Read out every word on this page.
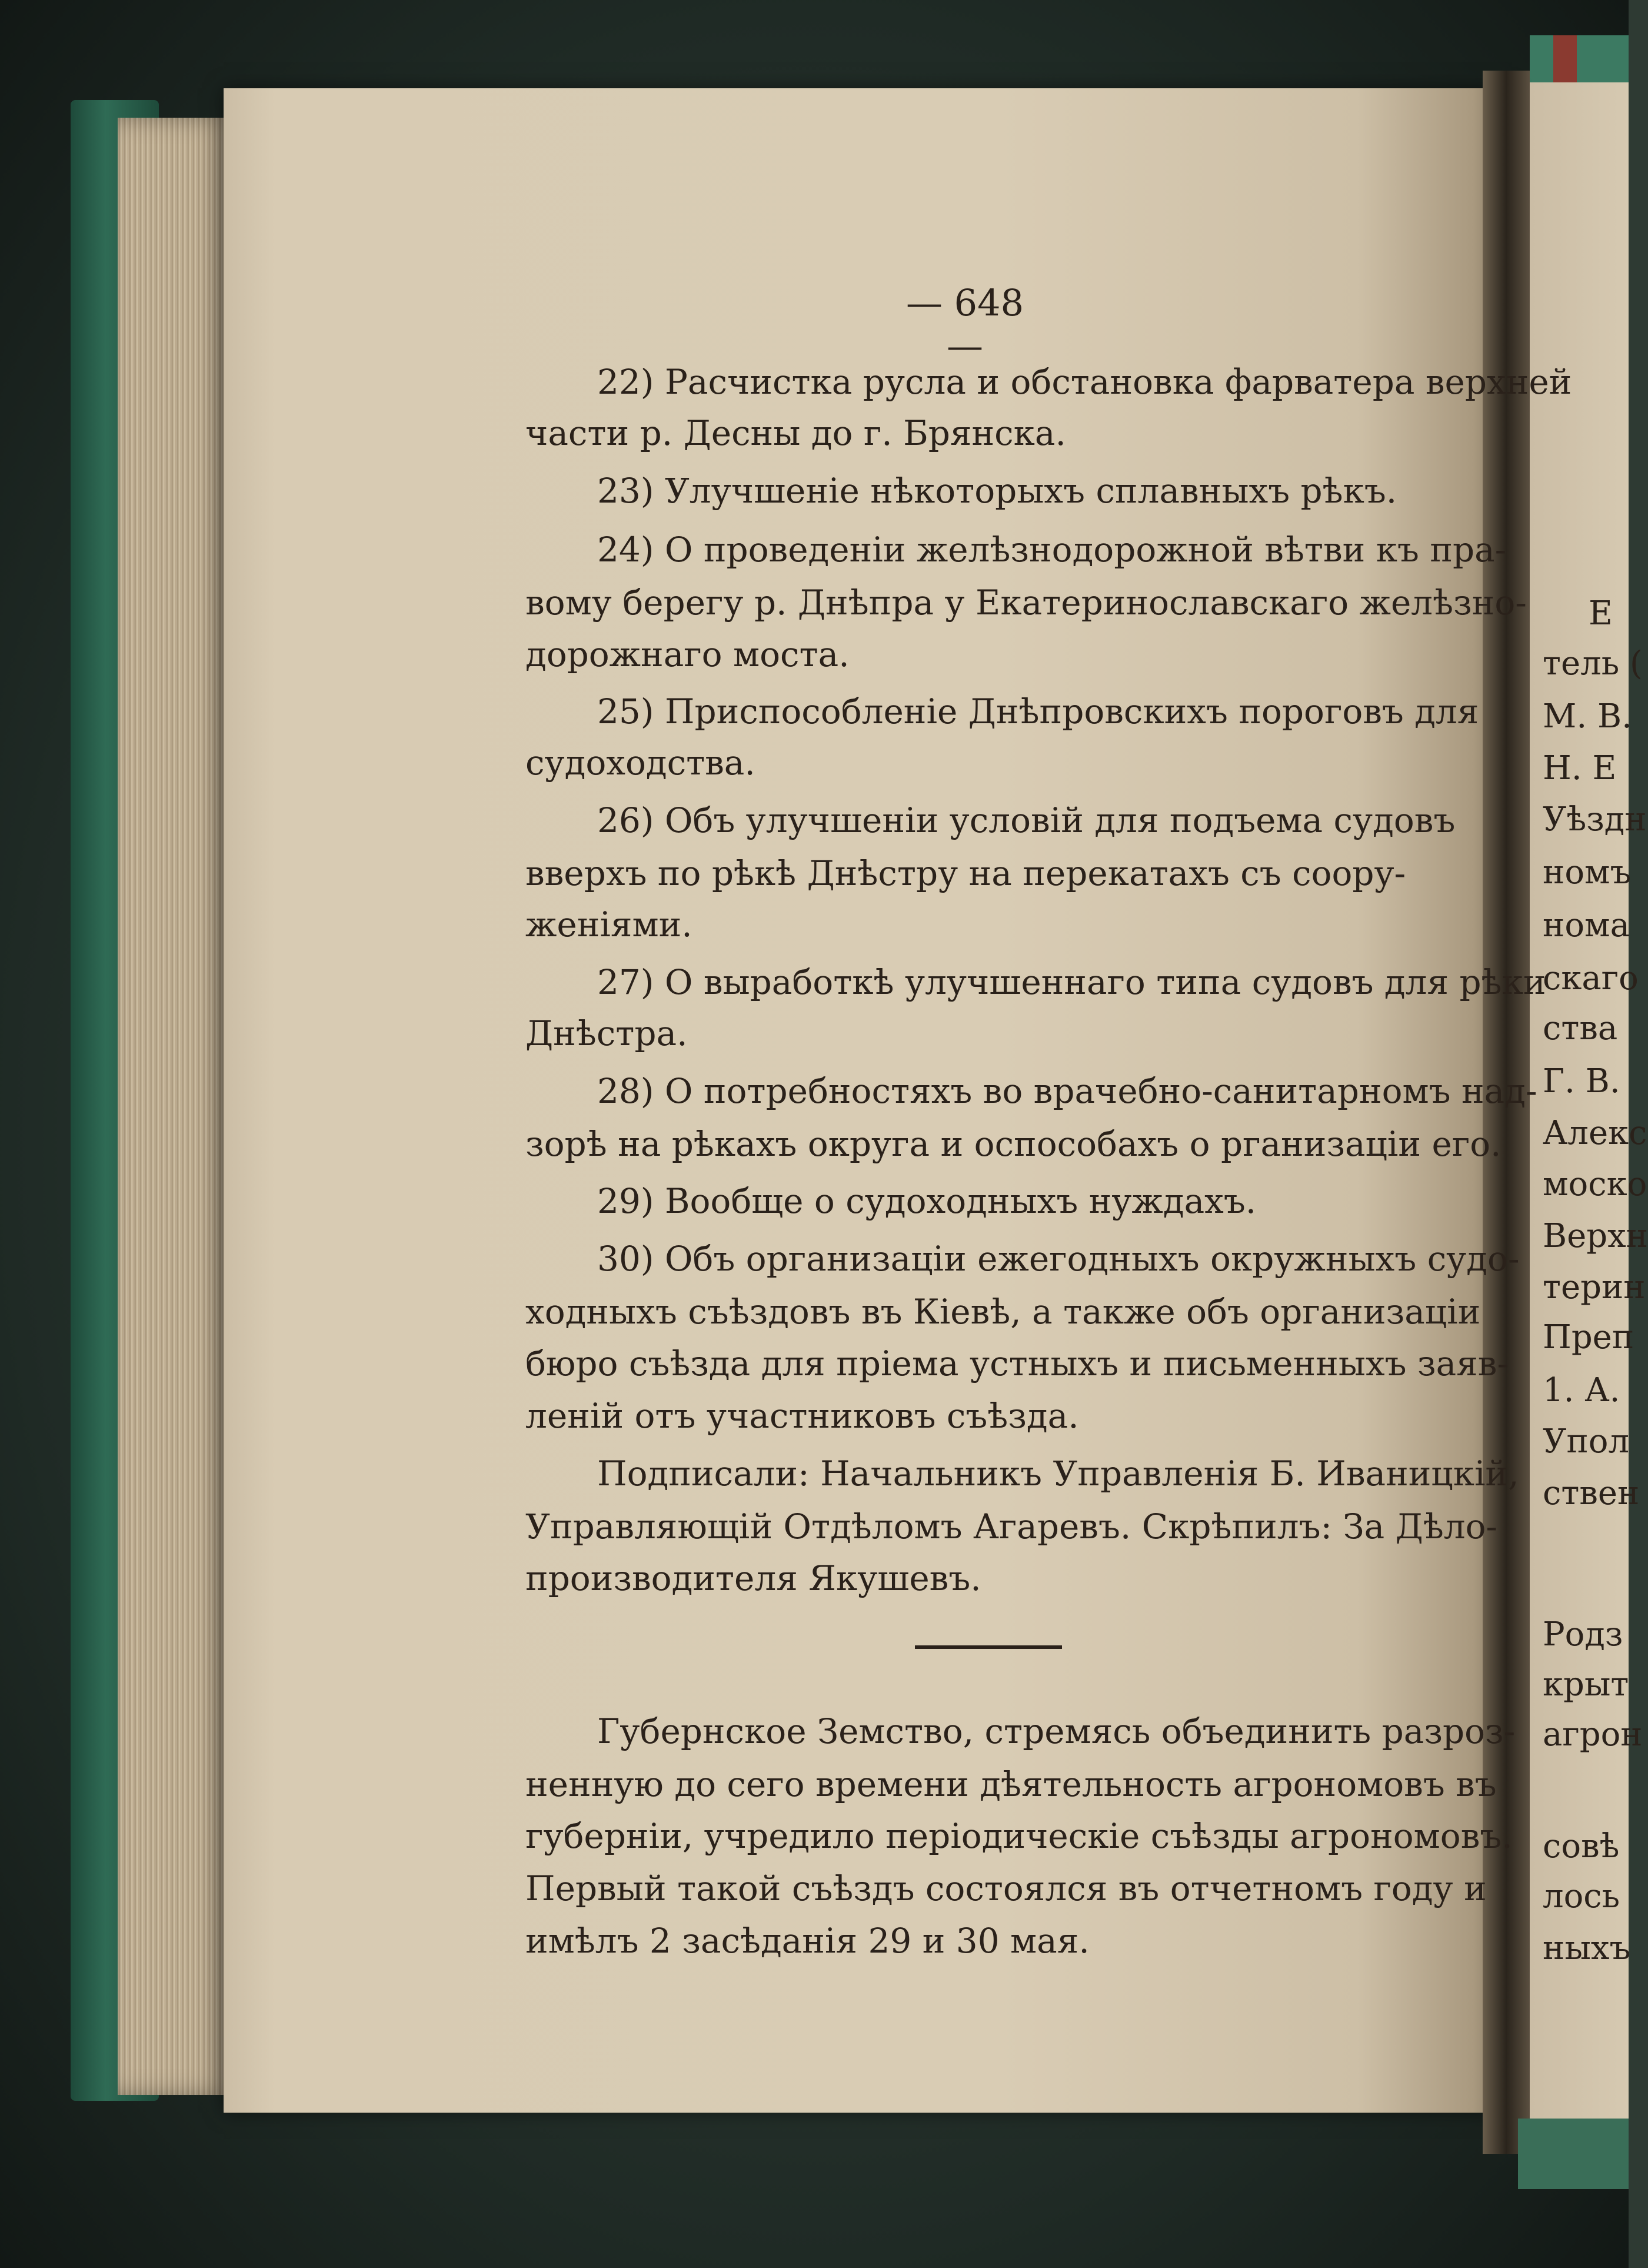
— 648 —
22) Расчистка русла и обстановка фарватера верхней
части р. Десны до г. Брянска.
23) Улучшеніе нѣкоторыхъ сплавныхъ рѣкъ.
24) О проведеніи желѣзнодорожной вѣтви къ пра-
вому берегу р. Днѣпра у Екатеринославскаго желѣзно-
дорожнаго моста.
25) Приспособленіе Днѣпровскихъ пороговъ для
судоходства.
26) Объ улучшеніи условій для подъема судовъ
вверхъ по рѣкѣ Днѣстру на перекатахъ съ соору-
женіями.
27) О выработкѣ улучшеннаго типа судовъ для рѣки
Днѣстра.
28) О потребностяхъ во врачебно-санитарномъ над-
зорѣ на рѣкахъ округа и оспособахъ о рганизаціи его.
29) Вообще о судоходныхъ нуждахъ.
30) Объ организаціи ежегодныхъ окружныхъ судо-
ходныхъ съѣздовъ въ Кіевѣ, а также объ организаціи
бюро съѣзда для пріема устныхъ и письменныхъ заяв-
леній отъ участниковъ съѣзда.
Подписали: Начальникъ Управленія Б. Иваницкій,
Управляющій Отдѣломъ Агаревъ. Скрѣпилъ: За Дѣло-
производителя Якушевъ.
Губернское Земство, стремясь объединить разроз-
ненную до сего времени дѣятельность агрономовъ въ
губерніи, учредило періодическіе съѣзды агрономовъ.
Первый такой съѣздъ состоялся въ отчетномъ году и
имѣлъ 2 засѣданія 29 и 30 мая.
Е
тель (
М. В.
Н. Е
Уѣздн
номъ
нома
скаго
ства
Г. В.
Алекс
моско
Верхн
терин
Преп
1. А.
Упол
ствен
Родз
крыт
агрон
совѣ
лось
ныхъ
